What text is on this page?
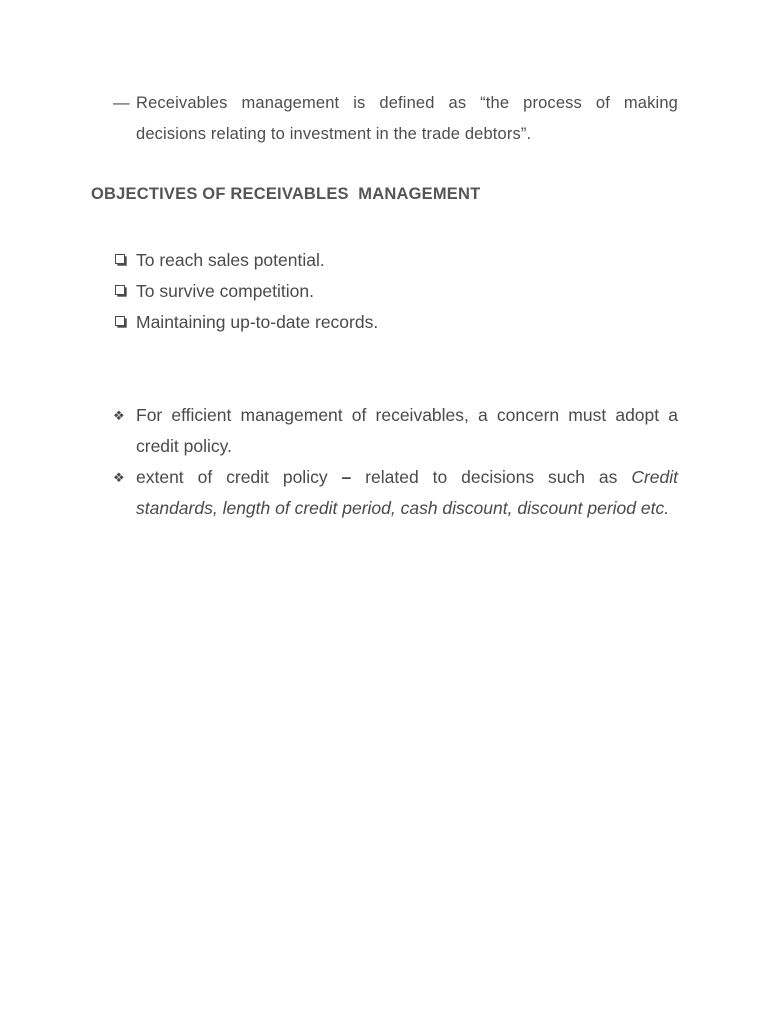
— Receivables management is defined as “the process of making
decisions relating to investment in the trade debtors”.
OBJECTIVES OF RECEIVABLES  MANAGEMENT
To reach sales potential.
To survive competition.
Maintaining up-to-date records.
❖ For efficient management of receivables, a concern must adopt a
credit policy.
❖ extent of credit policy – related to decisions such as Credit
standards, length of credit period, cash discount, discount period etc.
